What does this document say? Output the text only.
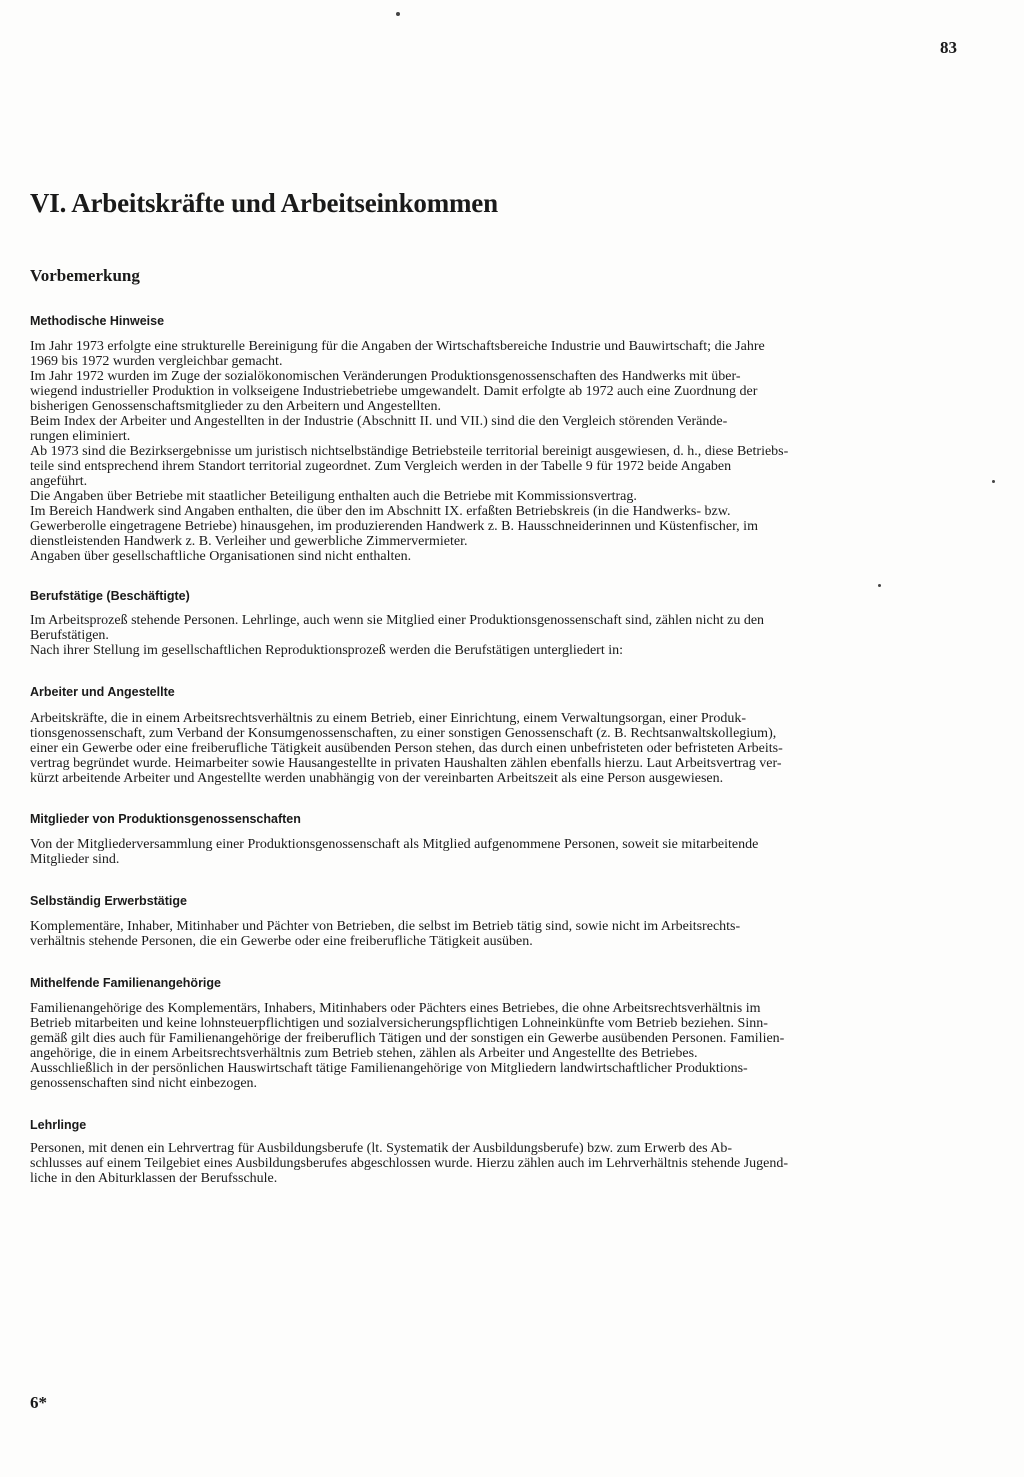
83
VI. Arbeitskräfte und Arbeitseinkommen
Vorbemerkung
Methodische Hinweise
Im Jahr 1973 erfolgte eine strukturelle Bereinigung für die Angaben der Wirtschaftsbereiche Industrie und Bauwirtschaft; die Jahre
1969 bis 1972 wurden vergleichbar gemacht.
Im Jahr 1972 wurden im Zuge der sozialökonomischen Veränderungen Produktionsgenossenschaften des Handwerks mit über-
wiegend industrieller Produktion in volkseigene Industriebetriebe umgewandelt. Damit erfolgte ab 1972 auch eine Zuordnung der
bisherigen Genossenschaftsmitglieder zu den Arbeitern und Angestellten.
Beim Index der Arbeiter und Angestellten in der Industrie (Abschnitt II. und VII.) sind die den Vergleich störenden Verände-
rungen eliminiert.
Ab 1973 sind die Bezirksergebnisse um juristisch nichtselbständige Betriebsteile territorial bereinigt ausgewiesen, d. h., diese Betriebs-
teile sind entsprechend ihrem Standort territorial zugeordnet. Zum Vergleich werden in der Tabelle 9 für 1972 beide Angaben
angeführt.
Die Angaben über Betriebe mit staatlicher Beteiligung enthalten auch die Betriebe mit Kommissionsvertrag.
Im Bereich Handwerk sind Angaben enthalten, die über den im Abschnitt IX. erfaßten Betriebskreis (in die Handwerks- bzw.
Gewerberolle eingetragene Betriebe) hinausgehen, im produzierenden Handwerk z. B. Hausschneiderinnen und Küstenfischer, im
dienstleistenden Handwerk z. B. Verleiher und gewerbliche Zimmervermieter.
Angaben über gesellschaftliche Organisationen sind nicht enthalten.
Berufstätige (Beschäftigte)
Im Arbeitsprozeß stehende Personen. Lehrlinge, auch wenn sie Mitglied einer Produktionsgenossenschaft sind, zählen nicht zu den
Berufstätigen.
Nach ihrer Stellung im gesellschaftlichen Reproduktionsprozeß werden die Berufstätigen untergliedert in:
Arbeiter und Angestellte
Arbeitskräfte, die in einem Arbeitsrechtsverhältnis zu einem Betrieb, einer Einrichtung, einem Verwaltungsorgan, einer Produk-
tionsgenossenschaft, zum Verband der Konsumgenossenschaften, zu einer sonstigen Genossenschaft (z. B. Rechtsanwaltskollegium),
einer ein Gewerbe oder eine freiberufliche Tätigkeit ausübenden Person stehen, das durch einen unbefristeten oder befristeten Arbeits-
vertrag begründet wurde. Heimarbeiter sowie Hausangestellte in privaten Haushalten zählen ebenfalls hierzu. Laut Arbeitsvertrag ver-
kürzt arbeitende Arbeiter und Angestellte werden unabhängig von der vereinbarten Arbeitszeit als eine Person ausgewiesen.
Mitglieder von Produktionsgenossenschaften
Von der Mitgliederversammlung einer Produktionsgenossenschaft als Mitglied aufgenommene Personen, soweit sie mitarbeitende
Mitglieder sind.
Selbständig Erwerbstätige
Komplementäre, Inhaber, Mitinhaber und Pächter von Betrieben, die selbst im Betrieb tätig sind, sowie nicht im Arbeitsrechts-
verhältnis stehende Personen, die ein Gewerbe oder eine freiberufliche Tätigkeit ausüben.
Mithelfende Familienangehörige
Familienangehörige des Komplementärs, Inhabers, Mitinhabers oder Pächters eines Betriebes, die ohne Arbeitsrechtsverhältnis im
Betrieb mitarbeiten und keine lohnsteuerpflichtigen und sozialversicherungspflichtigen Lohneinkünfte vom Betrieb beziehen. Sinn-
gemäß gilt dies auch für Familienangehörige der freiberuflich Tätigen und der sonstigen ein Gewerbe ausübenden Personen. Familien-
angehörige, die in einem Arbeitsrechtsverhältnis zum Betrieb stehen, zählen als Arbeiter und Angestellte des Betriebes.
Ausschließlich in der persönlichen Hauswirtschaft tätige Familienangehörige von Mitgliedern landwirtschaftlicher Produktions-
genossenschaften sind nicht einbezogen.
Lehrlinge
Personen, mit denen ein Lehrvertrag für Ausbildungsberufe (lt. Systematik der Ausbildungsberufe) bzw. zum Erwerb des Ab-
schlusses auf einem Teilgebiet eines Ausbildungsberufes abgeschlossen wurde. Hierzu zählen auch im Lehrverhältnis stehende Jugend-
liche in den Abiturklassen der Berufsschule.
6*
